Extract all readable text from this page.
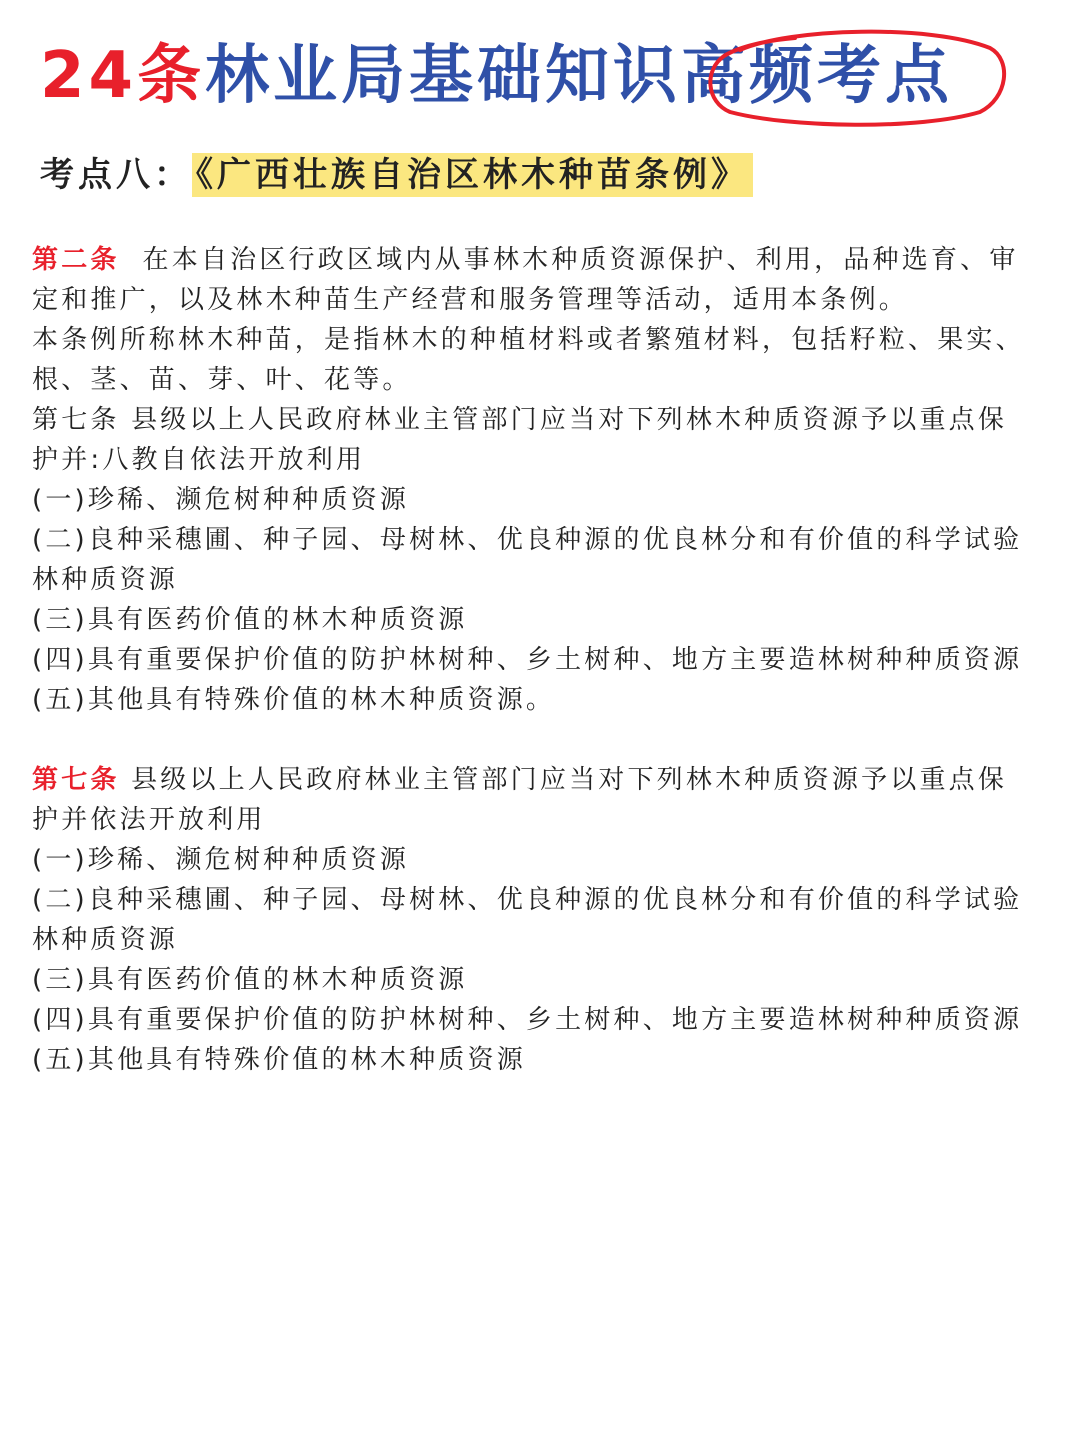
24条林业局基础知识高频考点
考点八： 《广西壮族自治区林木种苗条例》

第二条 在本自治区行政区域内从事林木种质资源保护、利用，品种选育、审定和推广，以及林木种苗生产经营和服务管理等活动，适用本条例。

本条例所称林木种苗，是指林木的种植材料或者繁殖材料，包括籽粒、果实、根、茎、苗、芽、叶、花等。

第七条 县级以上人民政府林业主管部门应当对下列林木种质资源予以重点保护并:八教自依法开放利用

(一)珍稀、濒危树种种质资源

(二)良种采穗圃、种子园、母树林、优良种源的优良林分和有价值的科学试验林种质资源

(三)具有医药价值的林木种质资源

(四)具有重要保护价值的防护林树种、乡土树种、地方主要造林树种种质资源

(五)其他具有特殊价值的林木种质资源。

第七条 县级以上人民政府林业主管部门应当对下列林木种质资源予以重点保护并依法开放利用

(一)珍稀、濒危树种种质资源

(二)良种采穗圃、种子园、母树林、优良种源的优良林分和有价值的科学试验林种质资源

(三)具有医药价值的林木种质资源

(四)具有重要保护价值的防护林树种、乡土树种、地方主要造林树种种质资源

(五)其他具有特殊价值的林木种质资源
